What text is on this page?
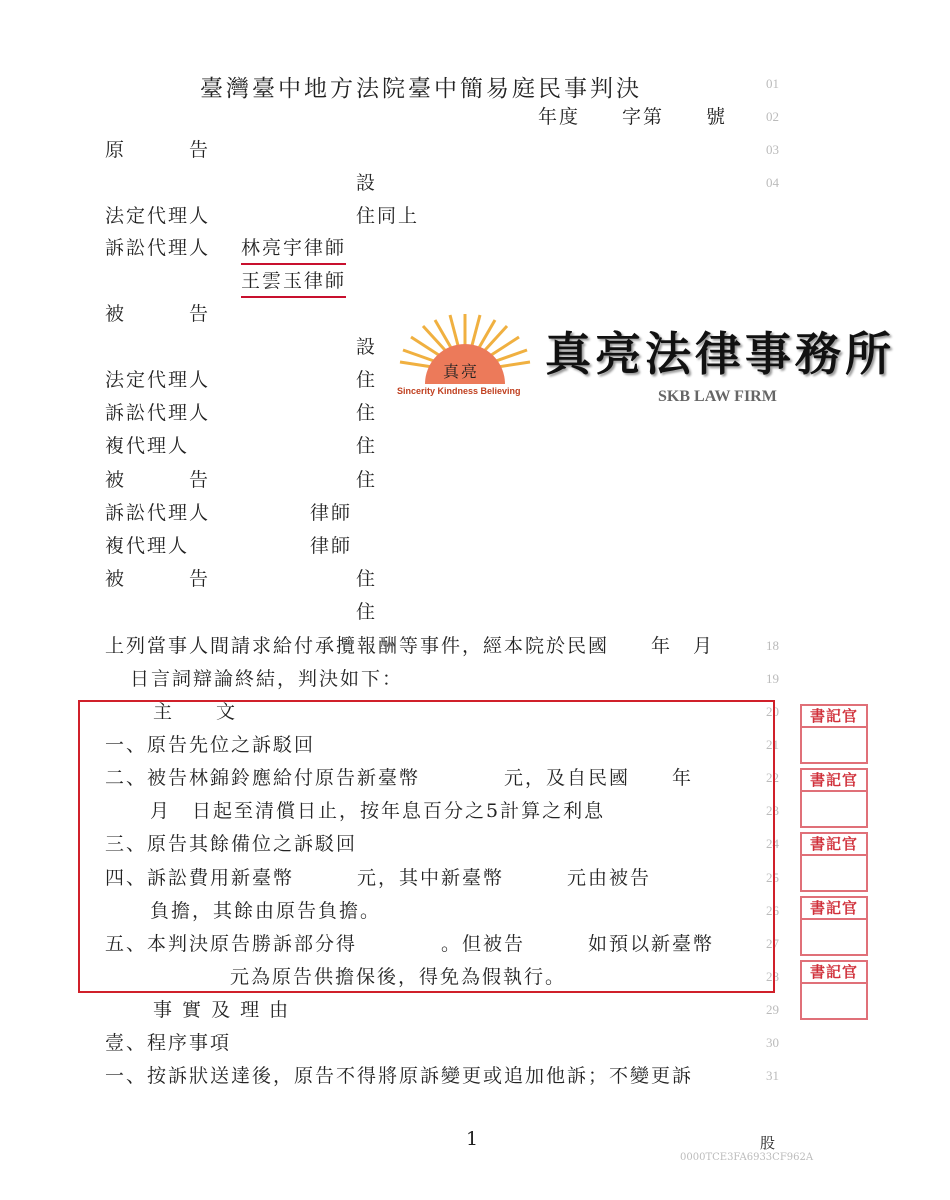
臺灣臺中地方法院臺中簡易庭民事判決
年度　　字第　　號
01
02
03
04
18
19
20
21
22
23
24
25
26
27
28
29
30
31
原　　　告
設
法定代理人	住同上
訴訟代理人 林亮宇律師
王雲玉律師
被　　　告
設
法定代理人	住
訴訟代理人	住
複代理人	住
被　　　告	住
訴訟代理人	律師
複代理人	律師
被　　　告	住
住
真亮
Sincerity Kindness Believing
真亮法律事務所
SKB LAW FIRM
上列當事人間請求給付承攬報酬等事件，經本院於民國　　年　月
日言詞辯論終結，判決如下：
主　　文
一、原告先位之訴駁回
二、被告林錦鈴應給付原告新臺幣　　　　元，及自民國　　年
月　日起至清償日止，按年息百分之5計算之利息
三、原告其餘備位之訴駁回
四、訴訟費用新臺幣　　　元，其中新臺幣　　　元由被告
負擔，其餘由原告負擔。
五、本判決原告勝訴部分得　　　　。但被告　　　如預以新臺幣
元為原告供擔保後，得免為假執行。
事 實 及 理 由
壹、程序事項
一、按訴狀送達後，原告不得將原訴變更或追加他訴；不變更訴
書記官
書記官
書記官
書記官
書記官
1	股
0000TCE3FA6933CF962A
